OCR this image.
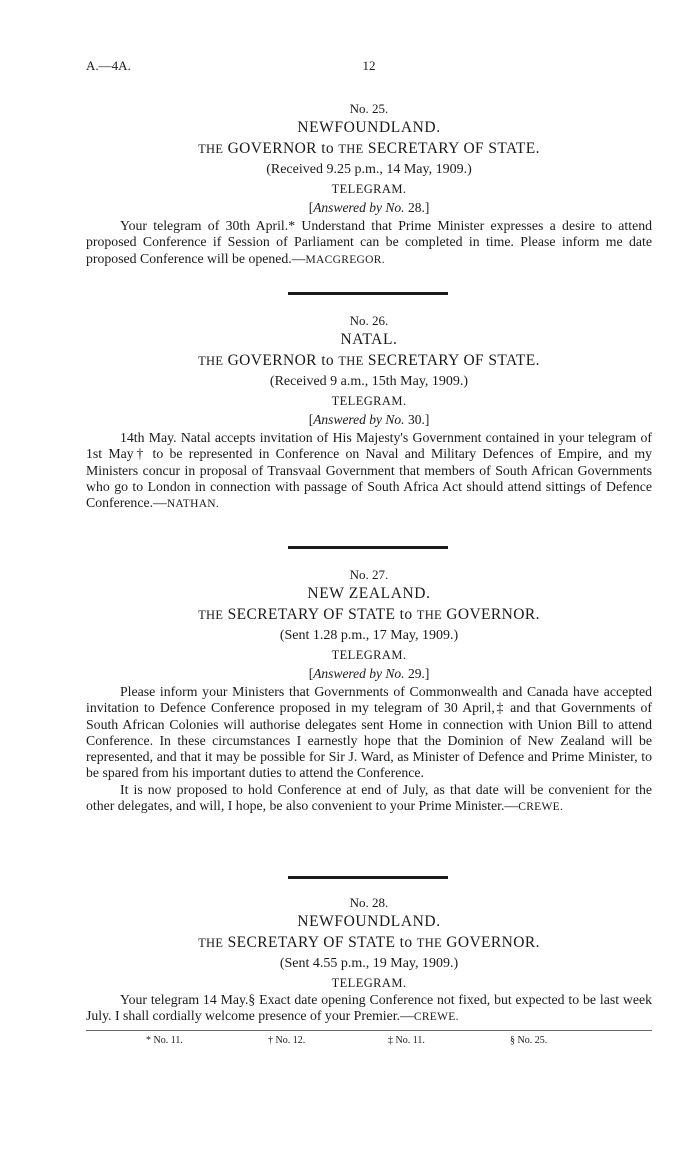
A.—4A.	12
No. 25.
NEWFOUNDLAND.
THE GOVERNOR to THE SECRETARY OF STATE.
(Received 9.25 p.m., 14 May, 1909.)
TELEGRAM.
[Answered by No. 28.]

Your telegram of 30th April.* Understand that Prime Minister expresses a desire to attend proposed Conference if Session of Parliament can be completed in time. Please inform me date proposed Conference will be opened.—MACGREGOR.

No. 26.
NATAL.
THE GOVERNOR to THE SECRETARY OF STATE.
(Received 9 a.m., 15th May, 1909.)
TELEGRAM.
[Answered by No. 30.]

14th May. Natal accepts invitation of His Majesty's Government contained in your telegram of 1st May† to be represented in Conference on Naval and Military Defences of Empire, and my Ministers concur in proposal of Transvaal Government that members of South African Governments who go to London in connection with passage of South Africa Act should attend sittings of Defence Conference.—NATHAN.

No. 27.
NEW ZEALAND.
THE SECRETARY OF STATE to THE GOVERNOR.
(Sent 1.28 p.m., 17 May, 1909.)
TELEGRAM.
[Answered by No. 29.]

Please inform your Ministers that Governments of Commonwealth and Canada have accepted invitation to Defence Conference proposed in my telegram of 30 April,‡ and that Governments of South African Colonies will authorise delegates sent Home in connection with Union Bill to attend Conference. In these circumstances I earnestly hope that the Dominion of New Zealand will be represented, and that it may be possible for Sir J. Ward, as Minister of Defence and Prime Minister, to be spared from his important duties to attend the Conference.

It is now proposed to hold Conference at end of July, as that date will be convenient for the other delegates, and will, I hope, be also convenient to your Prime Minister.—CREWE.

No. 28.
NEWFOUNDLAND.
THE SECRETARY OF STATE to THE GOVERNOR.
(Sent 4.55 p.m., 19 May, 1909.)
TELEGRAM.

Your telegram 14 May.§ Exact date opening Conference not fixed, but expected to be last week July. I shall cordially welcome presence of your Premier.—CREWE.

* No. 11.	† No. 12.	‡ No. 11.	§ No. 25.
